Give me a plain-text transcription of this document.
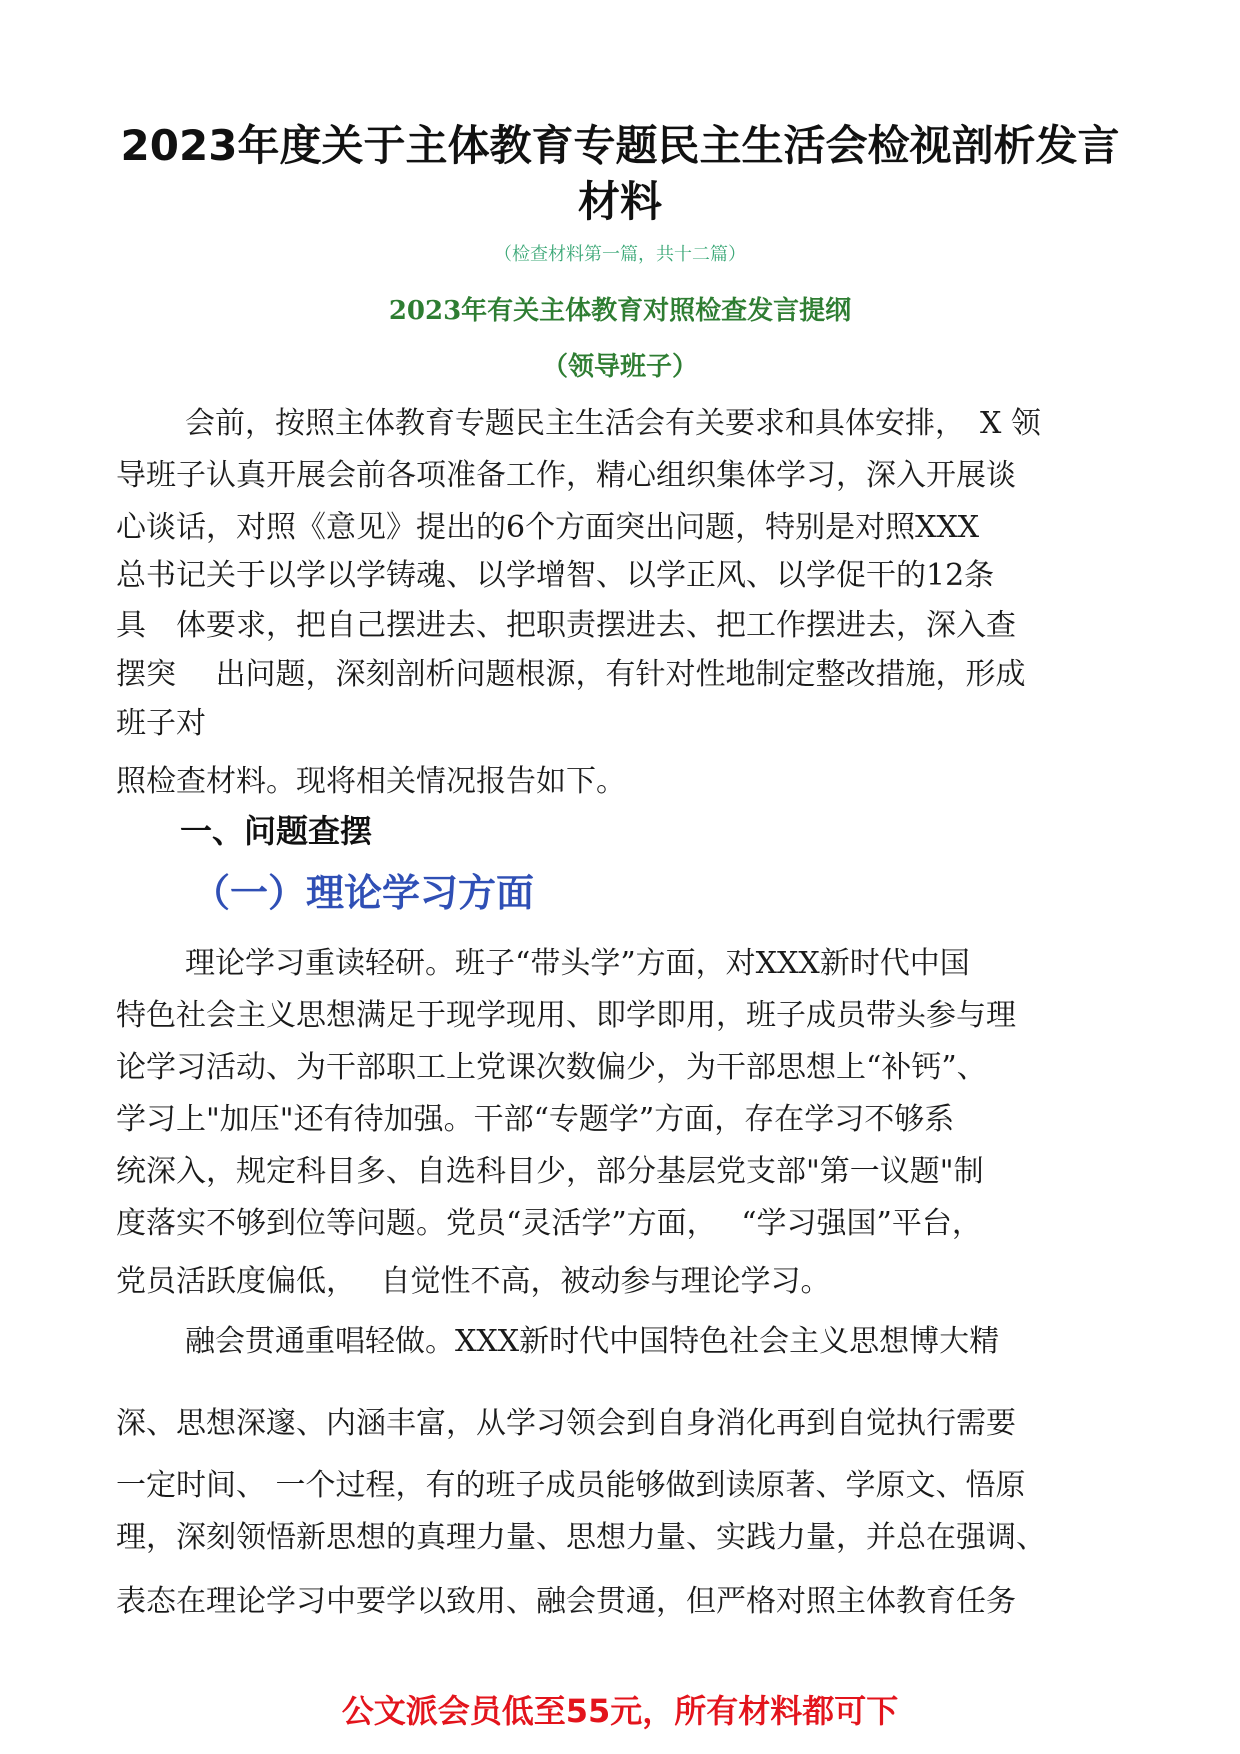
2023年度关于主体教育专题民主生活会检视剖析发言
材料
（检查材料第一篇，共十二篇）
2023年有关主体教育对照检查发言提纲
（领导班子）
会前，按照主体教育专题民主生活会有关要求和具体安排，　X 领
导班子认真开展会前各项准备工作，精心组织集体学习，深入开展谈
心谈话，对照《意见》提出的6个方面突出问题，特别是对照XXX
总书记关于以学以学铸魂、以学增智、以学正风、以学促干的12条
具　体要求，把自己摆进去、把职责摆进去、把工作摆进去，深入查
摆突　 出问题，深刻剖析问题根源，有针对性地制定整改措施，形成
班子对
照检查材料。现将相关情况报告如下。
一、问题查摆
（一）理论学习方面
理论学习重读轻研。班子“带头学”方面，对XXX新时代中国
特色社会主义思想满足于现学现用、即学即用，班子成员带头参与理
论学习活动、为干部职工上党课次数偏少，为干部思想上“补钙”、
学习上"加压"还有待加强。干部“专题学”方面，存在学习不够系
统深入，规定科目多、自选科目少，部分基层党支部"第一议题"制
度落实不够到位等问题。党员“灵活学”方面，　 “学习强国”平台，
党员活跃度偏低，　 自觉性不高，被动参与理论学习。
融会贯通重唱轻做。XXX新时代中国特色社会主义思想博大精
深、思想深邃、内涵丰富，从学习领会到自身消化再到自觉执行需要
一定时间、 一个过程，有的班子成员能够做到读原著、学原文、悟原
理，深刻领悟新思想的真理力量、思想力量、实践力量，并总在强调、
表态在理论学习中要学以致用、融会贯通，但严格对照主体教育任务
公文派会员低至55元，所有材料都可下
